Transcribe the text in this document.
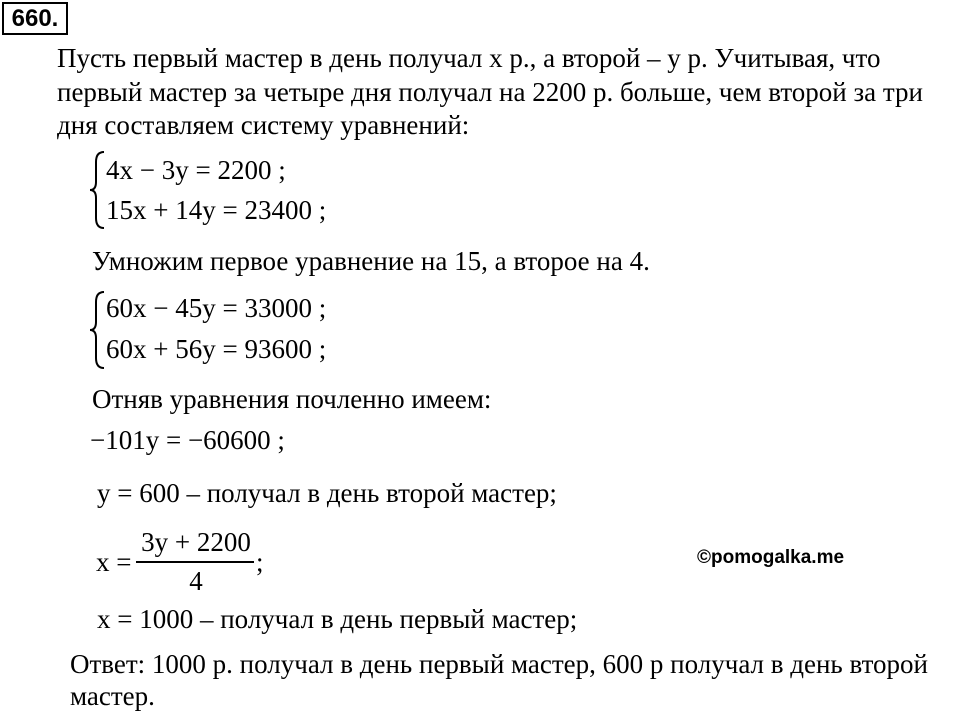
660.
Пусть первый мастер в день получал x р., а второй – y р. Учитывая, что
первый мастер за четыре дня получал на 2200 р. больше, чем второй за три
дня составляем систему уравнений:
4x − 3y = 2200 ;
15x + 14y = 23400 ;
Умножим первое уравнение на 15, а второе на 4.
60x − 45y = 33000 ;
60x + 56y = 93600 ;
Отняв уравнения почленно имеем:
−101y = −60600 ;
y = 600 – получал в день второй мастер;
x =
3y + 2200
4
;	©pomogalka.me
x = 1000 – получал в день первый мастер;
Ответ: 1000 р. получал в день первый мастер, 600 р получал в день второй
мастер.
